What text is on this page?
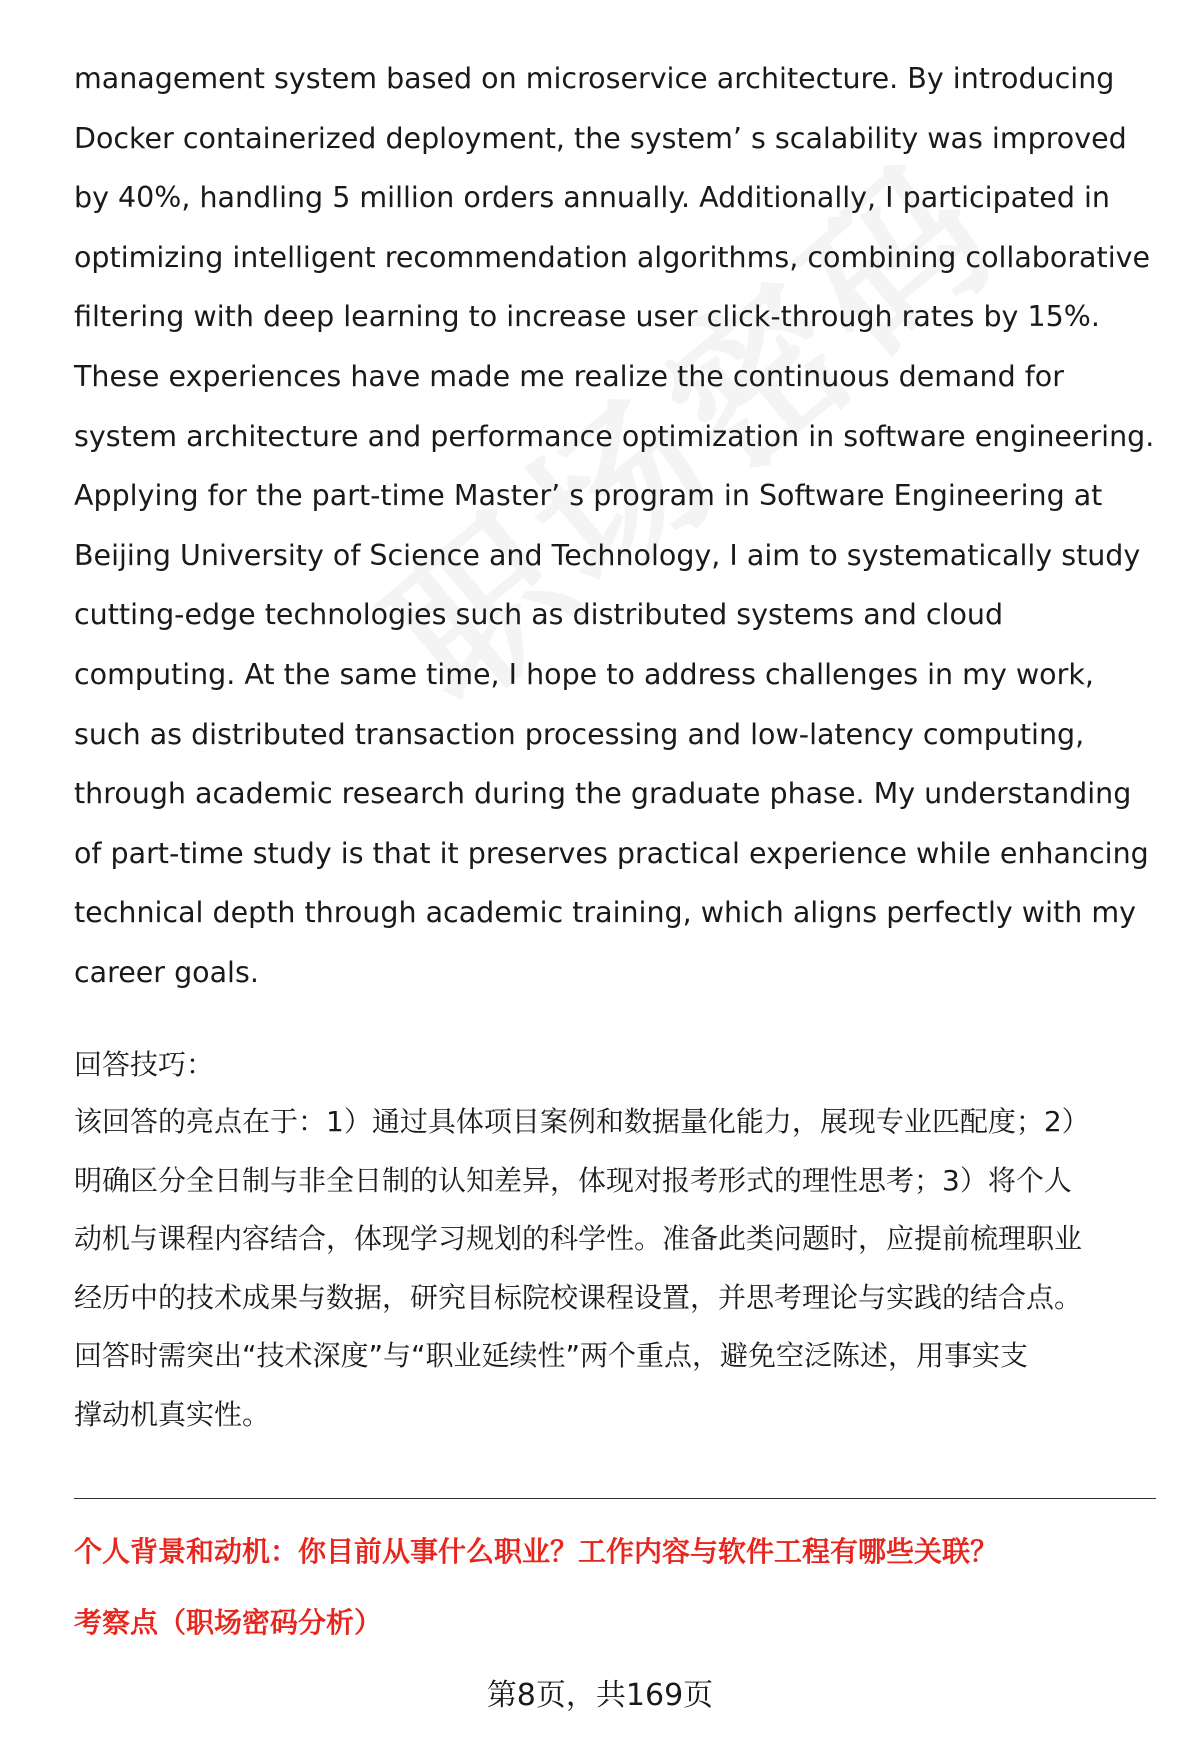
management system based on microservice architecture. By introducing
Docker containerized deployment, the system’ s scalability was improved
by 40%, handling 5 million orders annually. Additionally, I participated in
optimizing intelligent recommendation algorithms, combining collaborative
filtering with deep learning to increase user click-through rates by 15%.
These experiences have made me realize the continuous demand for
system architecture and performance optimization in software engineering.
Applying for the part-time Master’ s program in Software Engineering at
Beijing University of Science and Technology, I aim to systematically study
cutting-edge technologies such as distributed systems and cloud
computing. At the same time, I hope to address challenges in my work,
such as distributed transaction processing and low-latency computing,
through academic research during the graduate phase. My understanding
of part-time study is that it preserves practical experience while enhancing
technical depth through academic training, which aligns perfectly with my
career goals.
回答技巧：
该回答的亮点在于：1）通过具体项目案例和数据量化能力，展现专业匹配度；2）
明确区分全日制与非全日制的认知差异，体现对报考形式的理性思考；3）将个人
动机与课程内容结合，体现学习规划的科学性。准备此类问题时，应提前梳理职业
经历中的技术成果与数据，研究目标院校课程设置，并思考理论与实践的结合点。
回答时需突出“技术深度”与“职业延续性”两个重点，避免空泛陈述，用事实支
撑动机真实性。
个人背景和动机：你目前从事什么职业？工作内容与软件工程有哪些关联？
考察点（职场密码分析）
第8页，共169页
